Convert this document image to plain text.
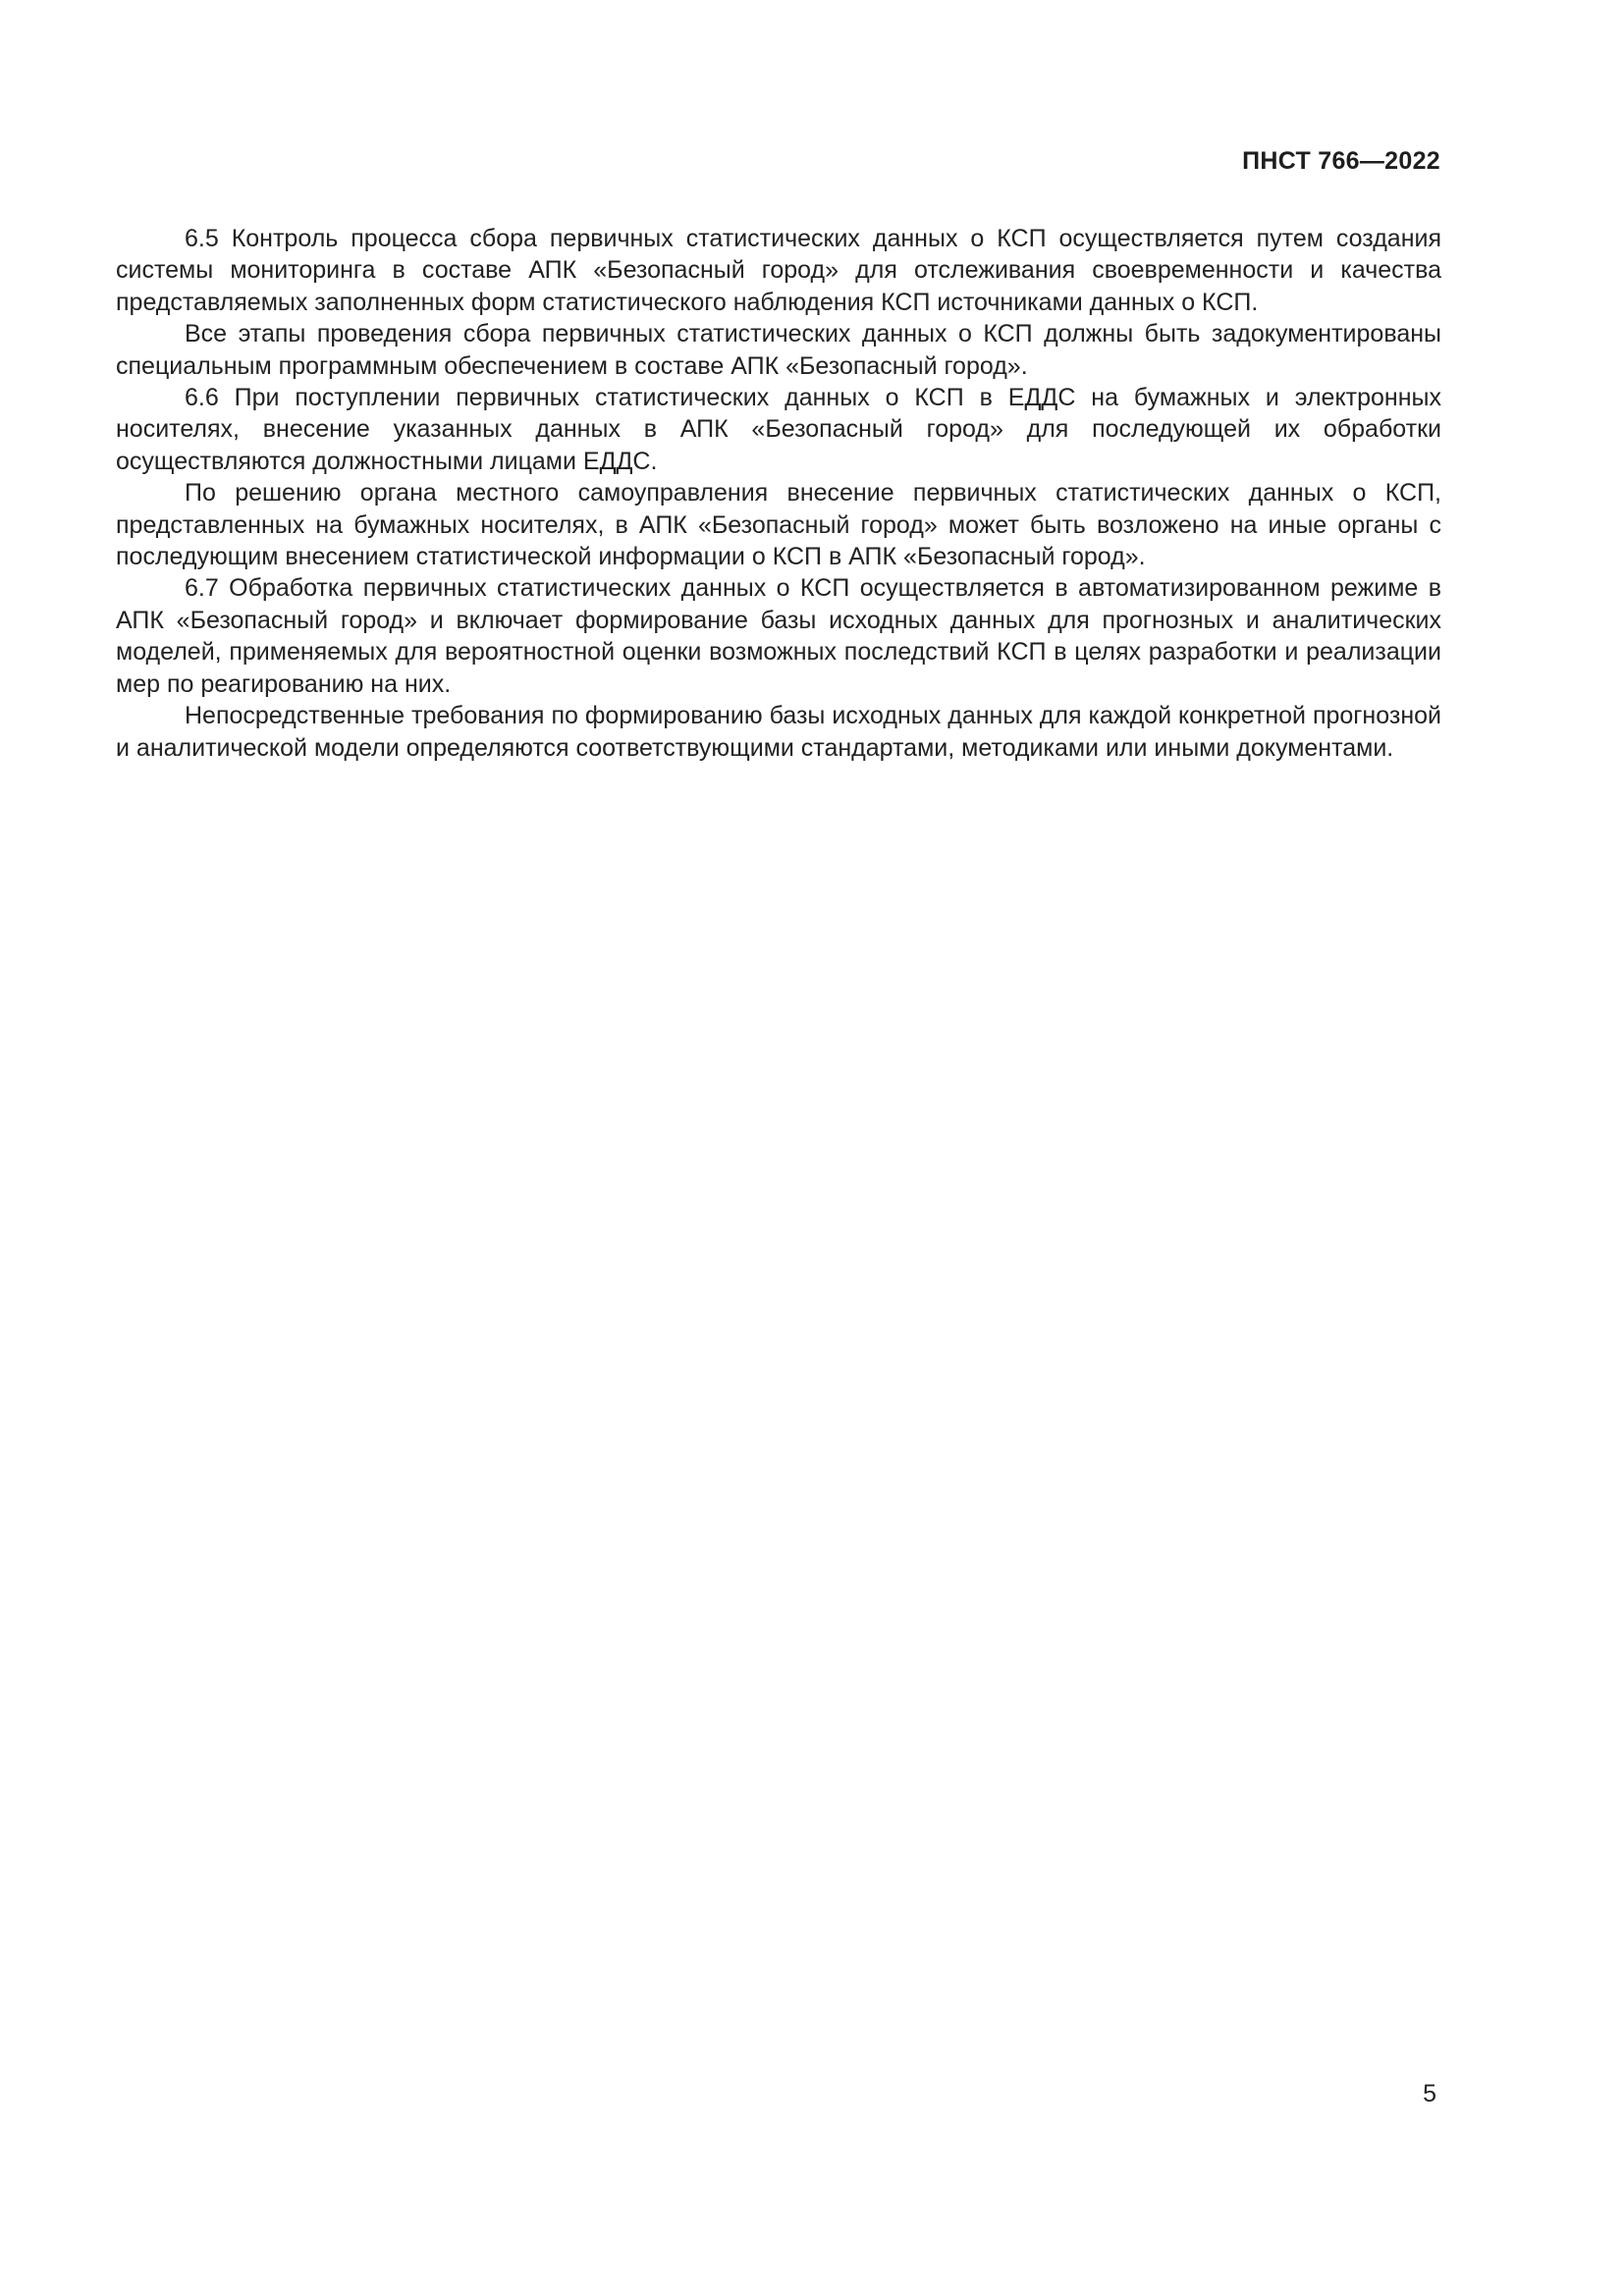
ПНСТ 766—2022

6.5 Контроль процесса сбора первичных статистических данных о КСП осуществляется путем создания системы мониторинга в составе АПК «Безопасный город» для отслеживания своевременности и качества представляемых заполненных форм статистического наблюдения КСП источниками данных о КСП.

Все этапы проведения сбора первичных статистических данных о КСП должны быть задокументированы специальным программным обеспечением в составе АПК «Безопасный город».

6.6 При поступлении первичных статистических данных о КСП в ЕДДС на бумажных и электронных носителях, внесение указанных данных в АПК «Безопасный город» для последующей их обработки осуществляются должностными лицами ЕДДС.

По решению органа местного самоуправления внесение первичных статистических данных о КСП, представленных на бумажных носителях, в АПК «Безопасный город» может быть возложено на иные органы с последующим внесением статистической информации о КСП в АПК «Безопасный город».

6.7 Обработка первичных статистических данных о КСП осуществляется в автоматизированном режиме в АПК «Безопасный город» и включает формирование базы исходных данных для прогнозных и аналитических моделей, применяемых для вероятностной оценки возможных последствий КСП в целях разработки и реализации мер по реагированию на них.

Непосредственные требования по формированию базы исходных данных для каждой конкретной прогнозной и аналитической модели определяются соответствующими стандартами, методиками или иными документами.

5
